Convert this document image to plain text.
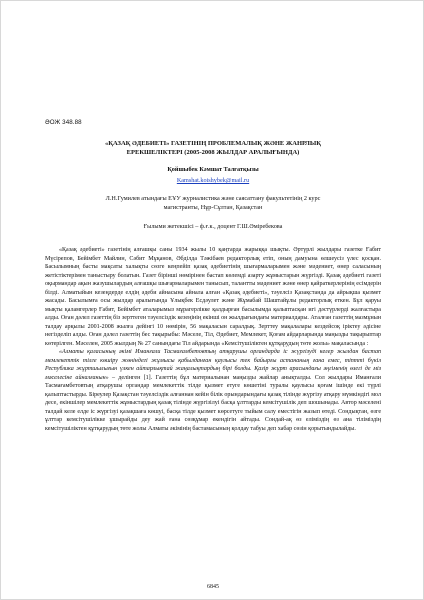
ӘОЖ 348.88
«ҚАЗАҚ ӘДЕБИЕТІ» ГАЗЕТІНІҢ ПРОБЛЕМАЛЫҚ ЖӘНЕ ЖАНРЛЫҚ
ЕРЕКШЕЛІКТЕРІ (2005-2008 ЖЫЛДАР АРАЛЫҒЫНДА)
Қойшыбек Кәмшат Талғатқызы
Kamshat.koishybek@mail.ru
Л.Н.Гумилев атындағы ЕҰУ журналистика және саясаттану факультетінің 2 курс
магистранты, Нұр-Сұлтан, Қазақстан
Ғылыми жетекшісі – ф.ғ.к., доцент Г.Ш.Әміребекова

«Қазақ әдебиеті» газетінің алғашқы саны 1934 жылы 10 қаңтарда жарыққа шықты. Әртүрлі жылдары газетке Ғабит Мүсірепов, Бейімбет Майлин, Сәбит Мұқанов, Әбділда Тәжібаев редакторлық етіп, оның дамуына өлшеусіз үлес қосқан. Басылымның басты мақсаты халықты сөзге кеңпейіп қазақ әдебиетінің шығармаларымен және мәдениет, өнер саласының жетістіктерімен таныстыру болатын. Газет бірінші нөмірінен бастап көлемді азарту жұмыстарын жүргізді. Қазақ әдебиеті газеті оқырмандар ақын жазушылардың алғашқы шығармаларымен танысып, талантты мәдениет және өнер қайраткерлерінің есімдерін білді. Алматыйын кезеңдерде елдің әдеби айнасына айнала алған «Қазақ әдебиеті», тәуелсіз Қазақстанда да айрықша қызмет жасады. Басылымға осы жылдар аралығында Ұлықбек Есдәулет және Жұмабай Шаштайұлы редакторлық еткен. Бұл қаруы мықты қаламгерлер Ғабит, Бейімбет аталарымыз мұрагерлікке қалдырған басылымда қалыптасқан игі дәстүрлерді жалғастыра алды. Оған дәлел газеттің біз зерттеген тәуелсіздік кезеңінің екінші он жылдығындағы материалдары. Аталған газеттің мазмұнын талдау арқылы 2001-2008 жылға дейінгі 10 нөмірін, 56 мақаласын саралдық. Зерттеу мақалалары кездейсоқ іріктеу әдісіне негізделіп алды. Оған дәлел газеттің бес тақырыбы: Мәселе, Тіл, Әдебиет, Мемлекет, Қоғам айдарларында маңызды тақырыптар көтерілген. Мәселен, 2005 жылдың № 27 санындағы Тіл айдарында «Кемсітушіліктен құтқарудың төте жолы» мақаласында :

«Алматы қаласының әкімі Иманғали Тасмағамбетовтың атқарушы органдарда іс жүргізуді келер жылдан бастап мемлекеттік тілге көшіру жөніндегі жұмысы қабылданған қаулысы тек байырғы астананың ғана емес, тіптті бүкіл Республика жұртшылығын үлкен айтарлықтай жаңалықтардың бірі болды. Қазір жұрт арасындағы әңгіменің өзегі де міз мәселесіне айналғанын» – делінген [1]. Газеттің бұл материалынан маңызды жайлар анықталды. Сол жылдары Иманғали Тасмағамбетовтың атқарушы органдар мемлекеттік тілде қызмет етуге көшетіні туралы қаулысы қоғам ішінде екі түрлі қалыптастырды. Біреулер Қазақстан тәуелсіздік алғаннан кейін білік орындарындағы қазақ тілінде жүргізу атқару мүмкіндігі мол десе, екіншілер мемлекеттік жұмыстардың қазақ тілінде жүргізілуі басқа ұлттарды кемсітушілік деп шошынады. Автор мәселені талдай келе елде іс жүргізуі қазақшаға көшуі, басқа тілде қызмет көрсетуге тыйым салу еместігін жазып өтеді. Сондықтан, өзге ұлттар кемсітушілікке ұшырайды деу жай ғана сөзқұмар екендігін айтады. Сондай-ақ өз еліміздің өз ана тіліміздің кемсітушіліктен құтқарудың төте жолы Алматы әкімінің бастамасының қолдау табуы деп хабар сөзін қорытындылайды.

6845
